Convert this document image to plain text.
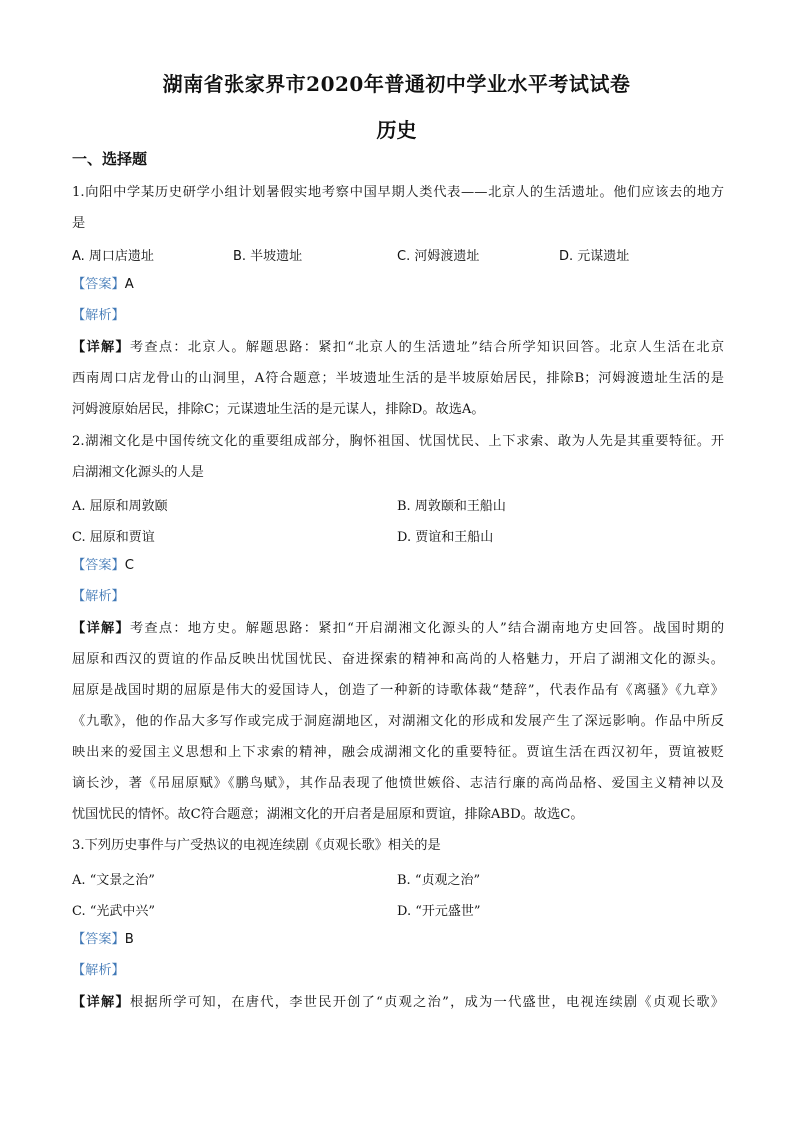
湖南省张家界市2020年普通初中学业水平考试试卷
历史
一、选择题
1.向阳中学某历史研学小组计划暑假实地考察中国早期人类代表——北京人的生活遗址。他们应该去的地方
是
A. 周口店遗址	B. 半坡遗址	C. 河姆渡遗址	D. 元谋遗址
【答案】A
【解析】
【详解】考查点：北京人。解题思路：紧扣“北京人的生活遗址”结合所学知识回答。北京人生活在北京
西南周口店龙骨山的山洞里，A符合题意；半坡遗址生活的是半坡原始居民，排除B；河姆渡遗址生活的是
河姆渡原始居民，排除C；元谋遗址生活的是元谋人，排除D。故选A。
2.湖湘文化是中国传统文化的重要组成部分，胸怀祖国、忧国忧民、上下求索、敢为人先是其重要特征。开
启湖湘文化源头的人是
A. 屈原和周敦颐	B. 周敦颐和王船山
C. 屈原和贾谊	D. 贾谊和王船山
【答案】C
【解析】
【详解】考查点：地方史。解题思路：紧扣“开启湖湘文化源头的人”结合湖南地方史回答。战国时期的
屈原和西汉的贾谊的作品反映出忧国忧民、奋进探索的精神和高尚的人格魅力，开启了湖湘文化的源头。
屈原是战国时期的屈原是伟大的爱国诗人，创造了一种新的诗歌体裁“楚辞”，代表作品有《离骚》《九章》
《九歌》，他的作品大多写作或完成于洞庭湖地区，对湖湘文化的形成和发展产生了深远影响。作品中所反
映出来的爱国主义思想和上下求索的精神，融会成湖湘文化的重要特征。贾谊生活在西汉初年，贾谊被贬
谪长沙，著《吊屈原赋》《鹏鸟赋》，其作品表现了他愤世嫉俗、志洁行廉的高尚品格、爱国主义精神以及
忧国忧民的情怀。故C符合题意；湖湘文化的开启者是屈原和贾谊，排除ABD。故选C。
3.下列历史事件与广受热议的电视连续剧《贞观长歌》相关的是
A. “文景之治”	B. “贞观之治”
C. “光武中兴”	D. “开元盛世”
【答案】B
【解析】
【详解】根据所学可知，在唐代，李世民开创了“贞观之治”，成为一代盛世，电视连续剧《贞观长歌》
